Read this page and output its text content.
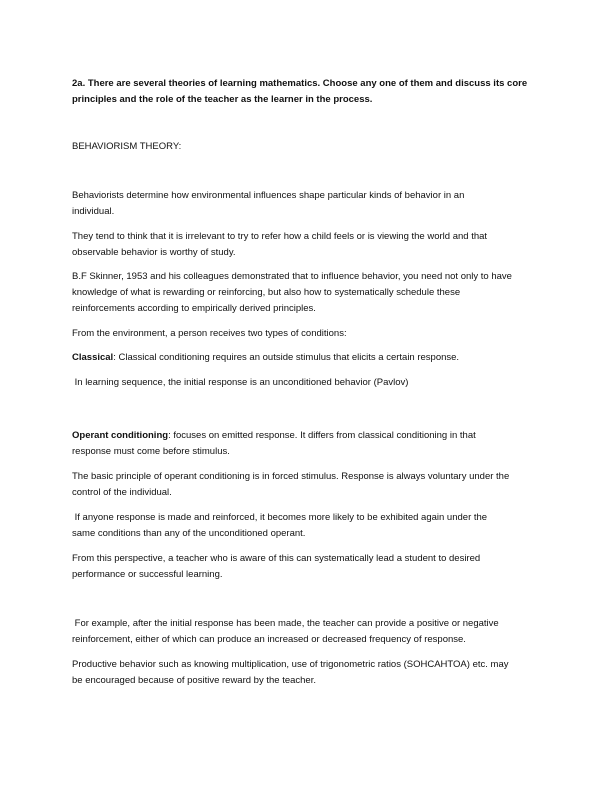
2a. There are several theories of learning mathematics. Choose any one of them and discuss its core
principles and the role of the teacher as the learner in the process.
BEHAVIORISM THEORY:
Behaviorists determine how environmental influences shape particular kinds of behavior in an
individual.
They tend to think that it is irrelevant to try to refer how a child feels or is viewing the world and that
observable behavior is worthy of study.
B.F Skinner, 1953 and his colleagues demonstrated that to influence behavior, you need not only to have
knowledge of what is rewarding or reinforcing, but also how to systematically schedule these
reinforcements according to empirically derived principles.
From the environment, a person receives two types of conditions:
Classical: Classical conditioning requires an outside stimulus that elicits a certain response.
In learning sequence, the initial response is an unconditioned behavior (Pavlov)
Operant conditioning: focuses on emitted response. It differs from classical conditioning in that
response must come before stimulus.
The basic principle of operant conditioning is in forced stimulus. Response is always voluntary under the
control of the individual.
If anyone response is made and reinforced, it becomes more likely to be exhibited again under the
same conditions than any of the unconditioned operant.
From this perspective, a teacher who is aware of this can systematically lead a student to desired
performance or successful learning.
For example, after the initial response has been made, the teacher can provide a positive or negative
reinforcement, either of which can produce an increased or decreased frequency of response.
Productive behavior such as knowing multiplication, use of trigonometric ratios (SOHCAHTOA) etc. may
be encouraged because of positive reward by the teacher.
